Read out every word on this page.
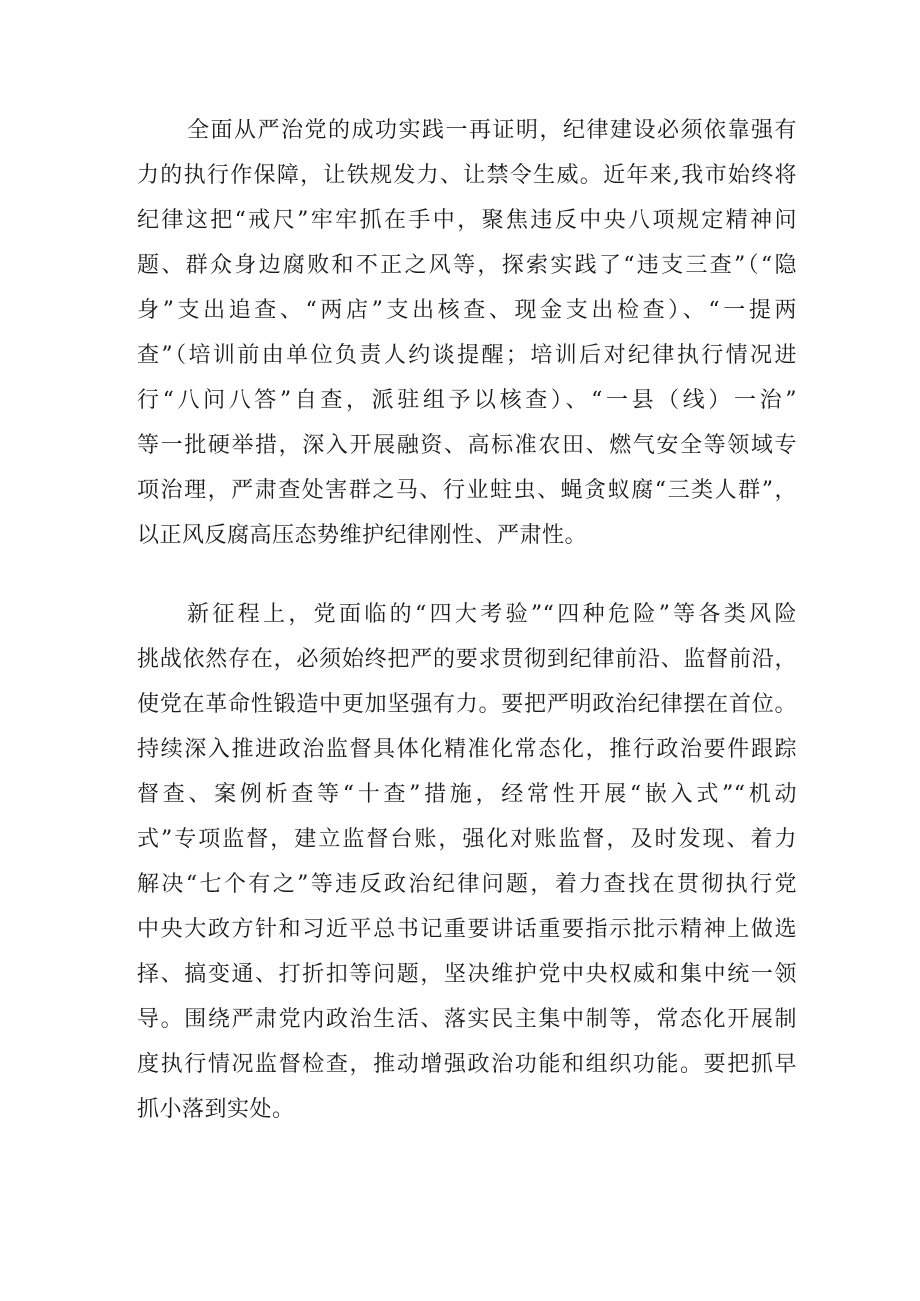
全面从严治党的成功实践一再证明，纪律建设必须依靠强有
力的执行作保障，让铁规发力、让禁令生威。近年来,我市始终将
纪律这把“戒尺”牢牢抓在手中，聚焦违反中央八项规定精神问
题、群众身边腐败和不正之风等，探索实践了“违支三查”（“隐
身”支出追查、“两店”支出核查、现金支出检查）、“一提两
查”（培训前由单位负责人约谈提醒；培训后对纪律执行情况进
行“八问八答”自查，派驻组予以核查）、“一县（线）一治”
等一批硬举措，深入开展融资、高标准农田、燃气安全等领域专
项治理，严肃查处害群之马、行业蛀虫、蝇贪蚁腐“三类人群”，
以正风反腐高压态势维护纪律刚性、严肃性。
新征程上，党面临的“四大考验”“四种危险”等各类风险
挑战依然存在，必须始终把严的要求贯彻到纪律前沿、监督前沿，
使党在革命性锻造中更加坚强有力。要把严明政治纪律摆在首位。
持续深入推进政治监督具体化精准化常态化，推行政治要件跟踪
督查、案例析查等“十查”措施，经常性开展“嵌入式”“机动
式”专项监督，建立监督台账，强化对账监督，及时发现、着力
解决“七个有之”等违反政治纪律问题，着力查找在贯彻执行党
中央大政方针和习近平总书记重要讲话重要指示批示精神上做选
择、搞变通、打折扣等问题，坚决维护党中央权威和集中统一领
导。围绕严肃党内政治生活、落实民主集中制等，常态化开展制
度执行情况监督检查，推动增强政治功能和组织功能。要把抓早
抓小落到实处。
